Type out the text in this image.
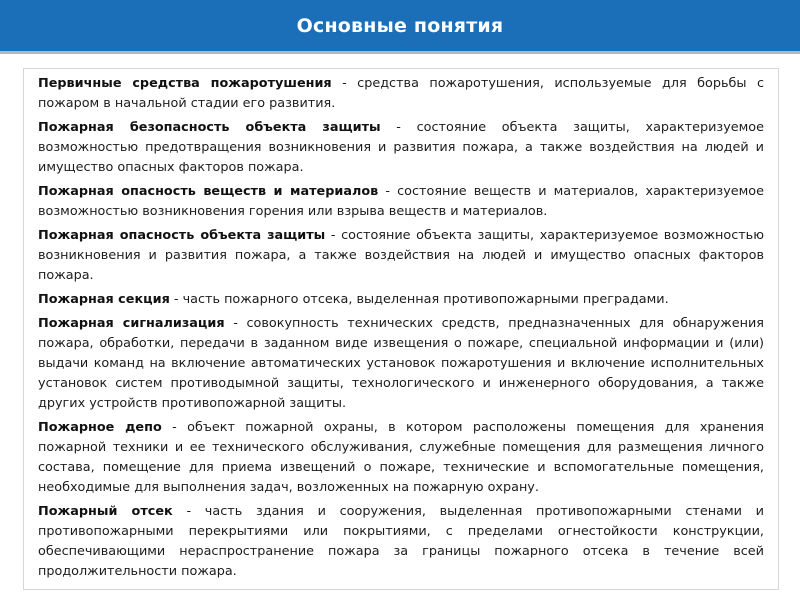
Основные понятия

Первичные средства пожаротушения - средства пожаротушения, используемые для борьбы с пожаром в начальной стадии его развития.

Пожарная безопасность объекта защиты - состояние объекта защиты, характеризуемое возможностью предотвращения возникновения и развития пожара, а также воздействия на людей и имущество опасных факторов пожара.

Пожарная опасность веществ и материалов - состояние веществ и материалов, характеризуемое возможностью возникновения горения или взрыва веществ и материалов.

Пожарная опасность объекта защиты - состояние объекта защиты, характеризуемое возможностью возникновения и развития пожара, а также воздействия на людей и имущество опасных факторов пожара.

Пожарная секция - часть пожарного отсека, выделенная противопожарными преградами.

Пожарная сигнализация - совокупность технических средств, предназначенных для обнаружения пожара, обработки, передачи в заданном виде извещения о пожаре, специальной информации и (или) выдачи команд на включение автоматических установок пожаротушения и включение исполнительных установок систем противодымной защиты, технологического и инженерного оборудования, а также других устройств противопожарной защиты.

Пожарное депо - объект пожарной охраны, в котором расположены помещения для хранения пожарной техники и ее технического обслуживания, служебные помещения для размещения личного состава, помещение для приема извещений о пожаре, технические и вспомогательные помещения, необходимые для выполнения задач, возложенных на пожарную охрану.

Пожарный отсек - часть здания и сооружения, выделенная противопожарными стенами и противопожарными перекрытиями или покрытиями, с пределами огнестойкости конструкции, обеспечивающими нераспространение пожара за границы пожарного отсека в течение всей продолжительности пожара.
